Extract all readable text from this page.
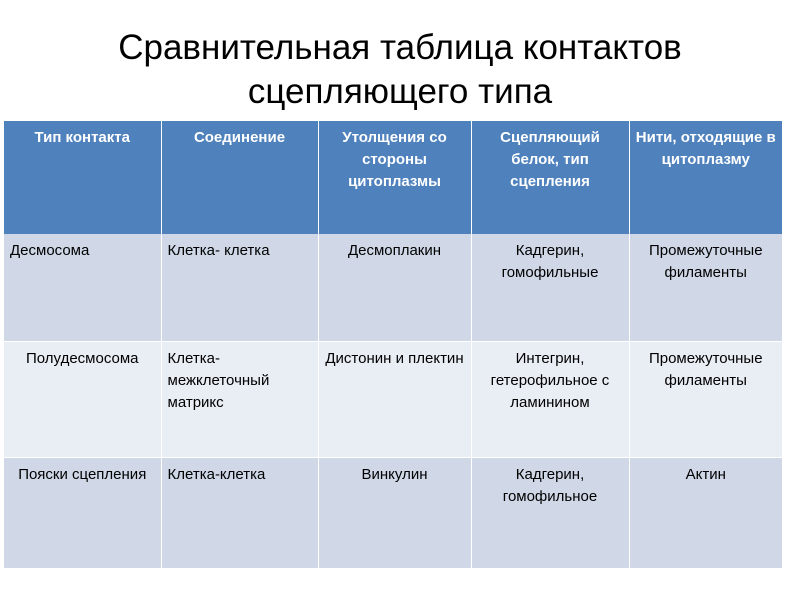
Сравнительная таблица контактов
сцепляющего типа
Тип контакта	Соединение	Утолщения со стороны цитоплазмы	Сцепляющий белок, тип сцепления	Нити, отходящие в цитоплазму
Десмосома	Клетка- клетка	Десмоплакин	Кадгерин, гомофильные	Промежуточные филаменты
Полудесмосома	Клетка-межклеточный матрикс	Дистонин и плектин	Интегрин, гетерофильное с ламинином	Промежуточные филаменты
Пояски сцепления	Клетка-клетка	Винкулин	Кадгерин, гомофильное	Актин
